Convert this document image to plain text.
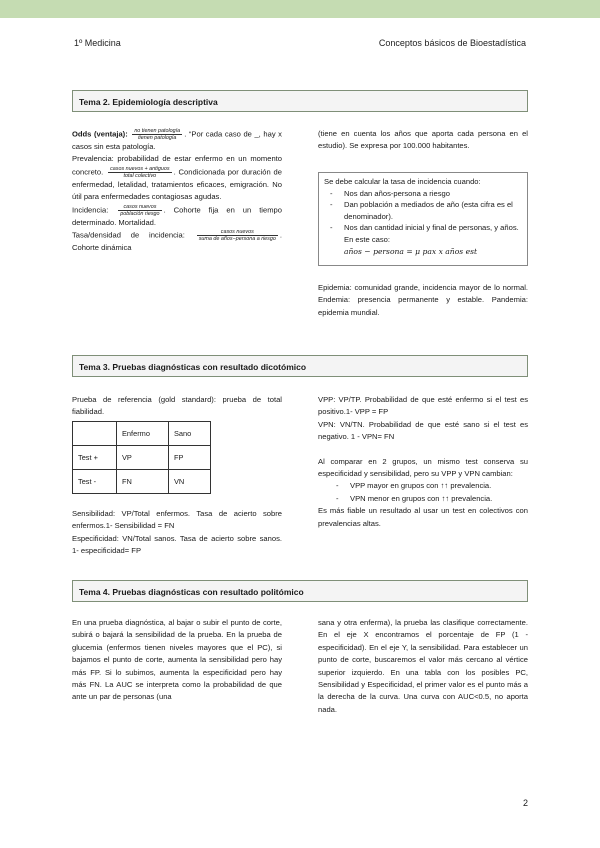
1º Medicina	Conceptos básicos de Bioestadística
Tema 2. Epidemiología descriptiva

Odds (ventaja): $\frac{\text{no tienen patología}}{\text{tienen patología}}$ . “Por cada caso de _, hay x casos sin esta patología.

Prevalencia: probabilidad de estar enfermo en un momento concreto. $\frac{\text{casos nuevos + antiguos}}{\text{total colectivo}}$ . Condicionada por duración de enfermedad, letalidad, tratamientos eficaces, emigración. No útil para enfermedades contagiosas agudas.

Incidencia: $\frac{\text{casos nuevos}}{\text{población riesgo}}$ . Cohorte fija en un tiempo determinado. Mortalidad.

Tasa/densidad de incidencia: $\frac{\text{casos nuevos}}{\text{suma de años−persona a riesgo}}$ . Cohorte dinámica

(tiene en cuenta los años que aporta cada persona en el estudio). Se expresa por 100.000 habitantes.
Se debe calcular la tasa de incidencia cuando:
- Nos dan años-persona a riesgo
- Dan población a mediados de año (esta cifra es el denominador).
- Nos dan cantidad inicial y final de personas, y años. En este caso:
años − persona = μ pax x años est
Epidemia: comunidad grande, incidencia mayor de lo normal. Endemia: presencia permanente y estable. Pandemia: epidemia mundial.
Tema 3. Pruebas diagnósticas con resultado dicotómico
Prueba de referencia (gold standard): prueba de total fiabilidad.
	Enfermo	Sano
Test +	VP	FP
Test -	FN	VN

Sensibilidad: VP/Total enfermos. Tasa de acierto sobre enfermos.1- Sensibilidad = FN

Especificidad: VN/Total sanos. Tasa de acierto sobre sanos. 1- especificidad= FP

VPP: VP/TP. Probabilidad de que esté enfermo si el test es positivo.1- VPP = FP

VPN: VN/TN. Probabilidad de que esté sano si el test es negativo. 1 - VPN= FN

Al comparar en 2 grupos, un mismo test conserva su especificidad y sensibilidad, pero su VPP y VPN cambian:

- VPP mayor en grupos con ↑↑ prevalencia.
- VPN menor en grupos con ↑↑ prevalencia.

Es más fiable un resultado al usar un test en colectivos con prevalencias altas.

Tema 4. Pruebas diagnósticas con resultado politómico
En una prueba diagnóstica, al bajar o subir el punto de corte, subirá o bajará la sensibilidad de la prueba. En la prueba de glucemia (enfermos tienen niveles mayores que el PC), si bajamos el punto de corte, aumenta la sensibilidad pero hay más FP. Si lo subimos, aumenta la especificidad pero hay más FN. La AUC se interpreta como la probabilidad de que ante un par de personas (una
sana y otra enferma), la prueba las clasifique correctamente. En el eje X encontramos el porcentaje de FP (1 - especificidad). En el eje Y, la sensibilidad. Para establecer un punto de corte, buscaremos el valor más cercano al vértice superior izquierdo. En una tabla con los posibles PC, Sensibilidad y Especificidad, el primer valor es el punto más a la derecha de la curva. Una curva con AUC<0.5, no aporta nada.
2
